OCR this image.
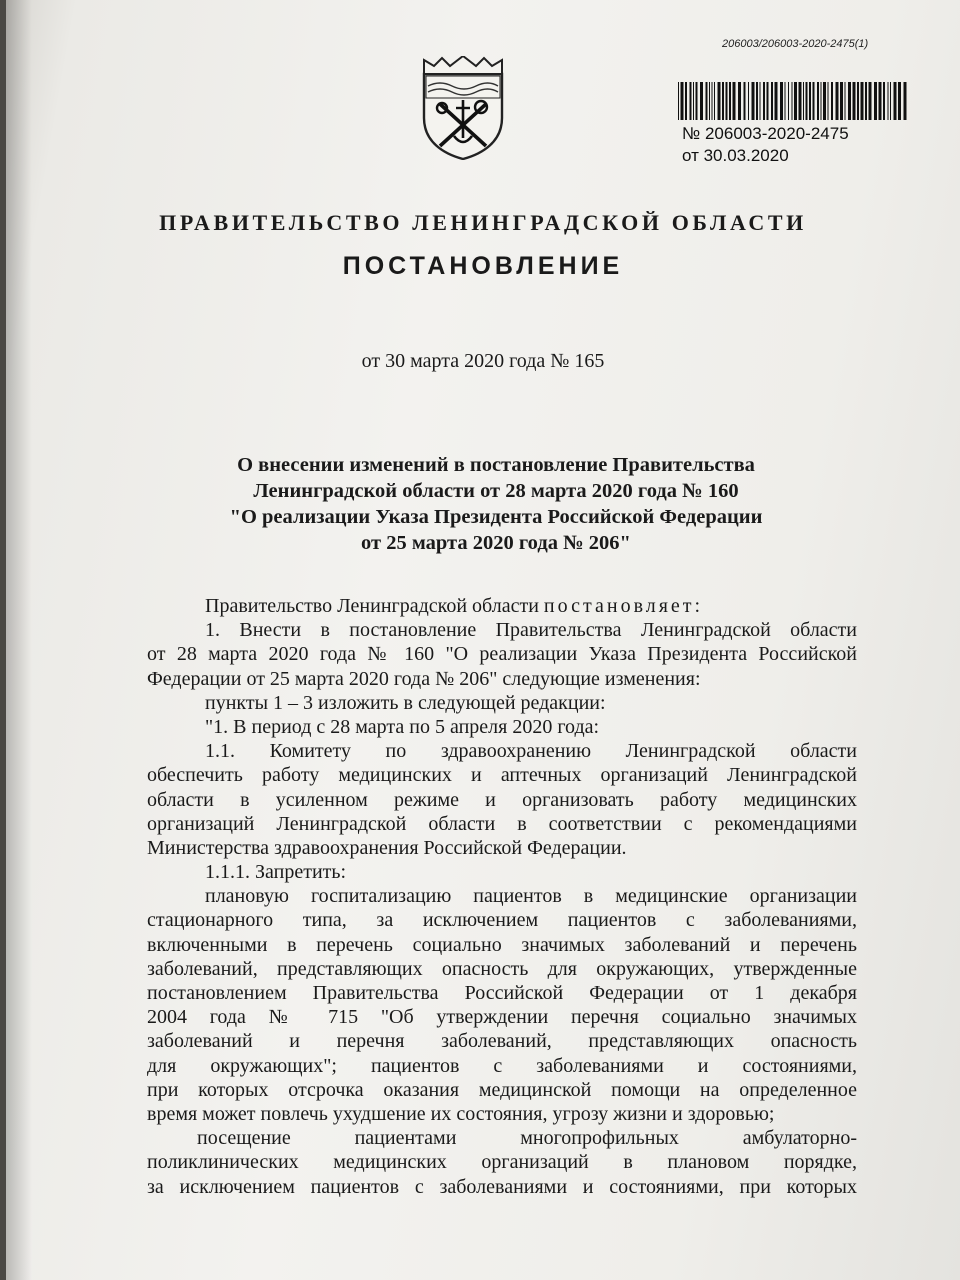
206003/206003-2020-2475(1)
№ 206003-2020-2475
от 30.03.2020
ПРАВИТЕЛЬСТВО ЛЕНИНГРАДСКОЙ ОБЛАСТИ
ПОСТАНОВЛЕНИЕ
от 30 марта 2020 года № 165
О внесении изменений в постановление Правительства
Ленинградской области от 28 марта 2020 года № 160
"О реализации Указа Президента Российской Федерации
от 25 марта 2020 года № 206"
Правительство Ленинградской области постановляет:
1. Внести в постановление Правительства Ленинградской области
от 28 марта 2020 года № 160 "О реализации Указа Президента Российской
Федерации от 25 марта 2020 года № 206" следующие изменения:
пункты 1 – 3 изложить в следующей редакции:
"1. В период с 28 марта по 5 апреля 2020 года:
1.1. Комитету по здравоохранению Ленинградской области
обеспечить работу медицинских и аптечных организаций Ленинградской
области в усиленном режиме и организовать работу медицинских
организаций Ленинградской области в соответствии с рекомендациями
Министерства здравоохранения Российской Федерации.
1.1.1. Запретить:
плановую госпитализацию пациентов в медицинские организации
стационарного типа, за исключением пациентов с заболеваниями,
включенными в перечень социально значимых заболеваний и перечень
заболеваний, представляющих опасность для окружающих, утвержденные
постановлением Правительства Российской Федерации от 1 декабря
2004 года № 715 "Об утверждении перечня социально значимых
заболеваний и перечня заболеваний, представляющих опасность
для окружающих"; пациентов с заболеваниями и состояниями,
при которых отсрочка оказания медицинской помощи на определенное
время может повлечь ухудшение их состояния, угрозу жизни и здоровью;
посещение пациентами многопрофильных амбулаторно-
поликлинических медицинских организаций в плановом порядке,
за исключением пациентов с заболеваниями и состояниями, при которых
